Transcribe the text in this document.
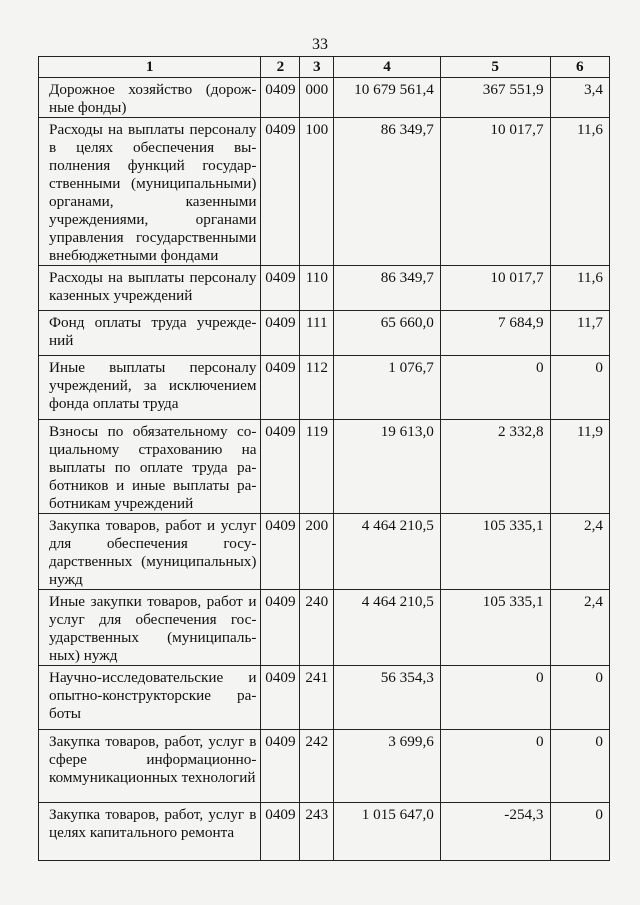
33
1	2	3	4	5	6
Дорожное хозяйство (дорожные фонды)	0409	000	10 679 561,4	367 551,9	3,4
Расходы на выплаты персоналу в целях обеспечения выполнения функций государственными (муниципальными) органами, казенными учреждениями, органами управления государственными внебюджетными фондами	0409	100	86 349,7	10 017,7	11,6
Расходы на выплаты персоналу казенных учреждений	0409	110	86 349,7	10 017,7	11,6
Фонд оплаты труда учреждений	0409	111	65 660,0	7 684,9	11,7
Иные выплаты персоналу учреждений, за исключением фонда оплаты труда	0409	112	1 076,7	0	0
Взносы по обязательному социальному страхованию на выплаты по оплате труда работников и иные выплаты работникам учреждений	0409	119	19 613,0	2 332,8	11,9
Закупка товаров, работ и услуг для обеспечения государственных (муниципальных) нужд	0409	200	4 464 210,5	105 335,1	2,4
Иные закупки товаров, работ и услуг для обеспечения государственных (муниципальных) нужд	0409	240	4 464 210,5	105 335,1	2,4
Научно-исследовательские и опытно-конструкторские работы	0409	241	56 354,3	0	0
Закупка товаров, работ, услуг в сфере информационно-коммуникационных технологий	0409	242	3 699,6	0	0
Закупка товаров, работ, услуг в целях капитального ремонта	0409	243	1 015 647,0	-254,3	0
